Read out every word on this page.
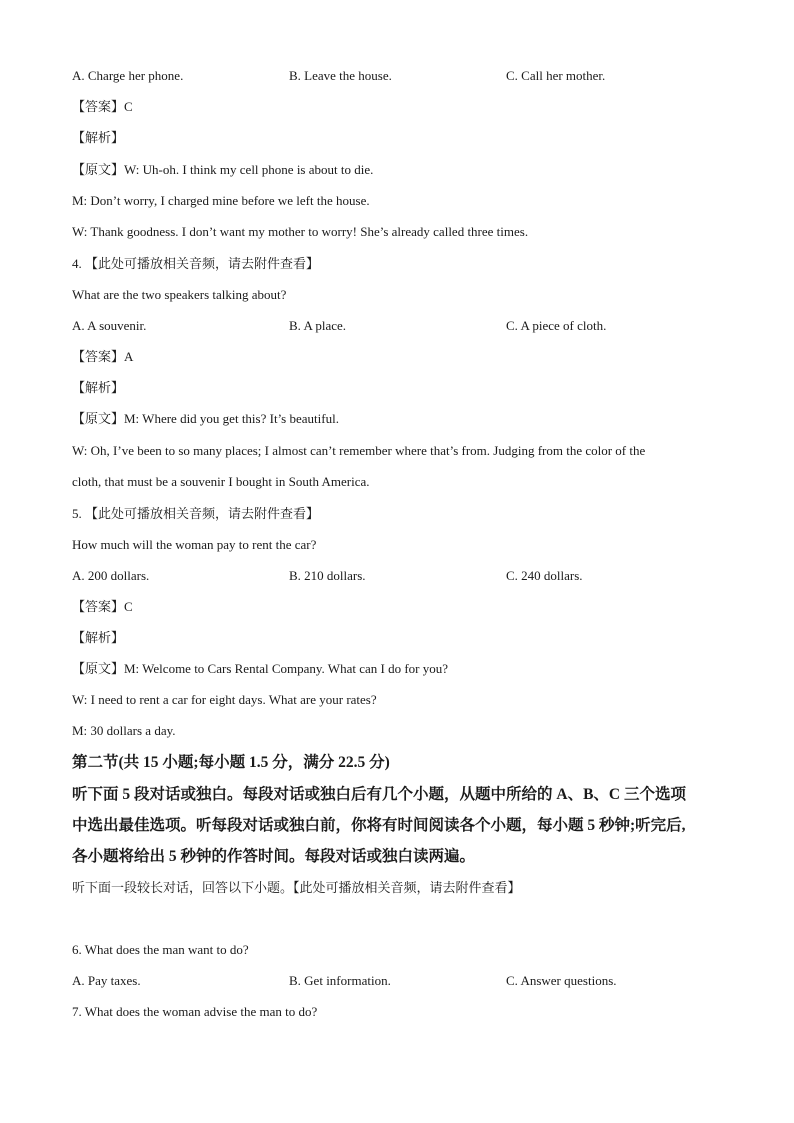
A. Charge her phone.	B. Leave the house.	C. Call her mother.
【答案】C
【解析】
【原文】W: Uh-oh. I think my cell phone is about to die.
M: Don’t worry, I charged mine before we left the house.
W: Thank goodness. I don’t want my mother to worry! She’s already called three times.
4. 【此处可播放相关音频，请去附件查看】
What are the two speakers talking about?
A. A souvenir.	B. A place.	C. A piece of cloth.
【答案】A
【解析】
【原文】M: Where did you get this? It’s beautiful.
W: Oh, I’ve been to so many places; I almost can’t remember where that’s from. Judging from the color of the
cloth, that must be a souvenir I bought in South America.
5. 【此处可播放相关音频，请去附件查看】
How much will the woman pay to rent the car?
A. 200 dollars.	B. 210 dollars.	C. 240 dollars.
【答案】C
【解析】
【原文】M: Welcome to Cars Rental Company. What can I do for you?
W: I need to rent a car for eight days. What are your rates?
M: 30 dollars a day.
第二节(共 15 小题;每小题 1.5 分，满分 22.5 分)
听下面 5 段对话或独白。每段对话或独白后有几个小题，从题中所给的 A、B、C 三个选项
中选出最佳选项。听每段对话或独白前，你将有时间阅读各个小题，每小题 5 秒钟;听完后,
各小题将给出 5 秒钟的作答时间。每段对话或独白读两遍。
听下面一段较长对话，回答以下小题。【此处可播放相关音频，请去附件查看】
6. What does the man want to do?
A. Pay taxes.	B. Get information.	C. Answer questions.
7. What does the woman advise the man to do?
